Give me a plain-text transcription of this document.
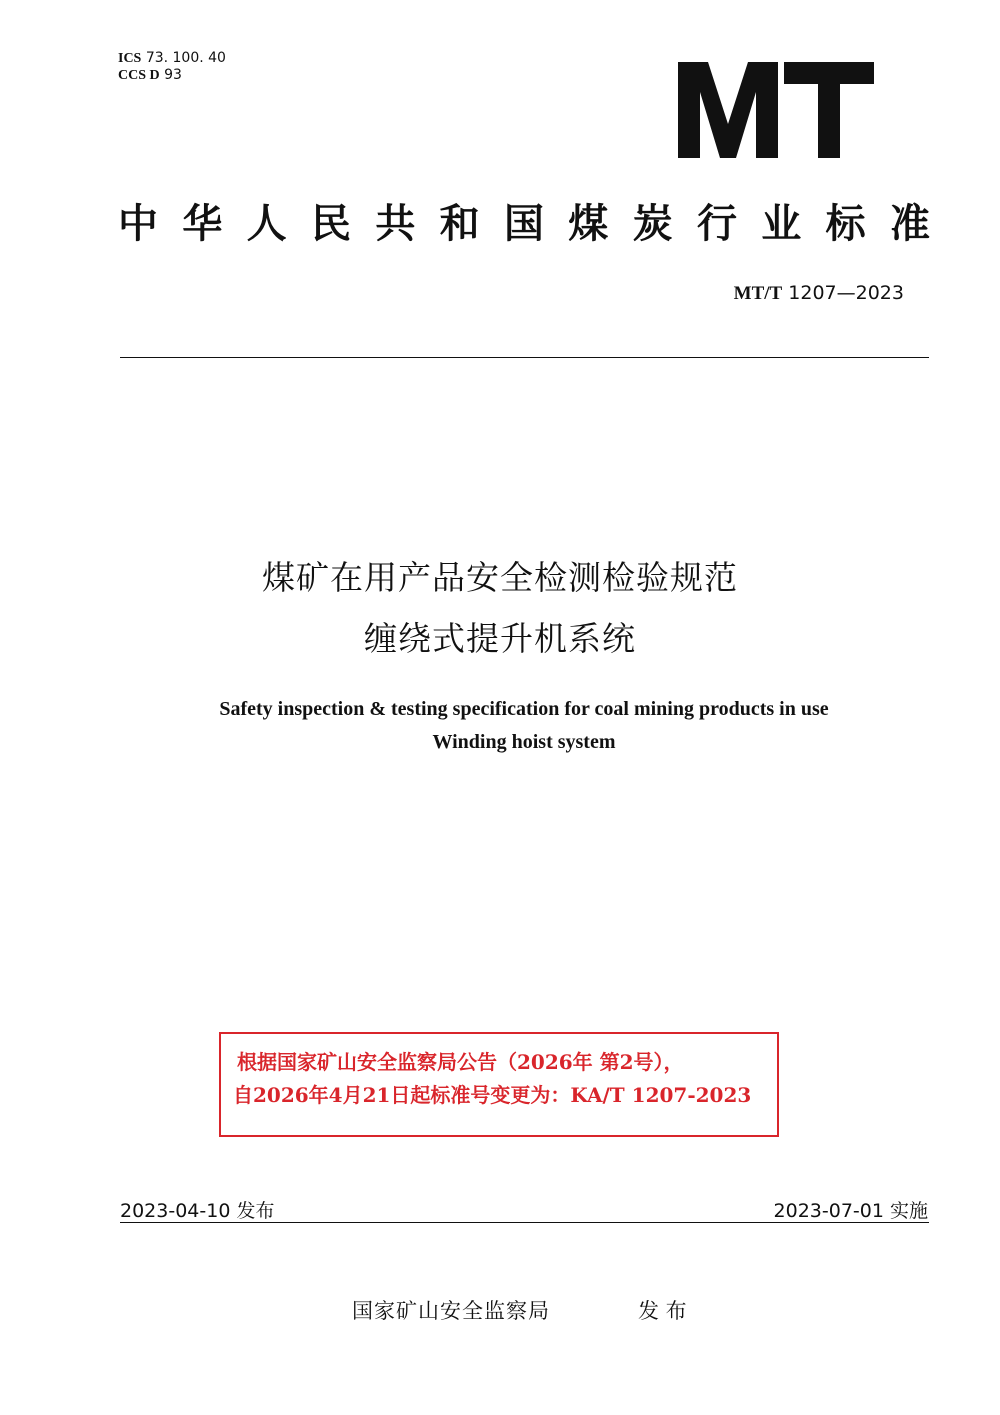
ICS 73. 100. 40
CCS D 93
中 华 人 民 共 和 国 煤 炭 行 业 标 准
MT/T 1207—2023
煤矿在用产品安全检测检验规范
缠绕式提升机系统
Safety inspection & testing specification for coal mining products in use
Winding hoist system
根据国家矿山安全监察局公告（2026年 第2号），
自2026年4月21日起标准号变更为：KA/T 1207-2023
2023-04-10 发布	2023-07-01 实施
国家矿山安全监察局	发 布
